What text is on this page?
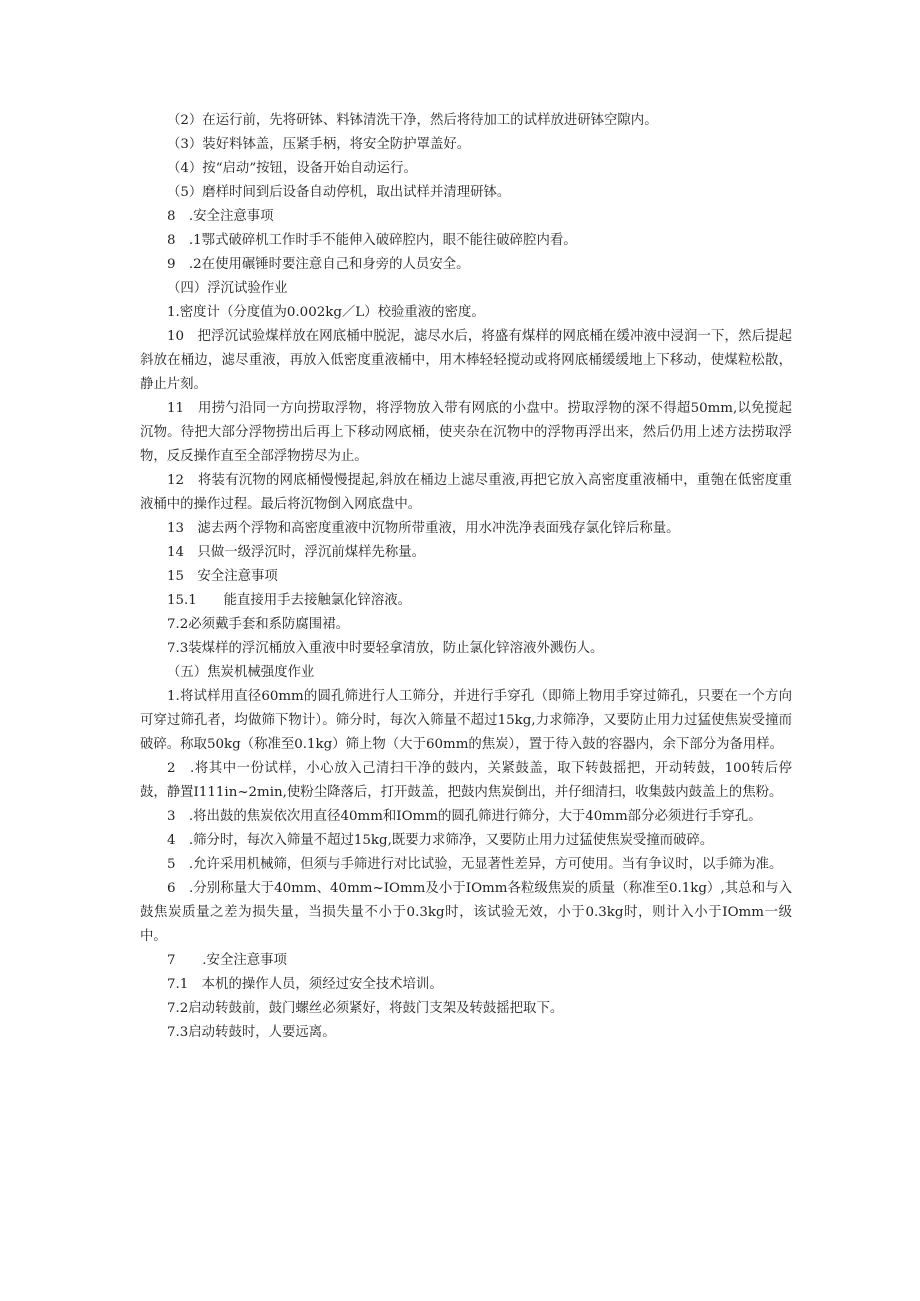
（2）在运行前，先将研钵、料钵清洗干净，然后将待加工的试样放进研钵空隙内。

（3）装好料钵盖，压紧手柄，将安全防护罩盖好。

（4）按“启动”按钮，设备开始自动运行。

（5）磨样时间到后设备自动停机，取出试样并清理研钵。

8　.安全注意事项

8　.1鄂式破碎机工作时手不能伸入破碎腔内，眼不能往破碎腔内看。

9　.2在使用碾锤时要注意自己和身旁的人员安全。

（四）浮沉试验作业

1.密度计（分度值为0.002kg／L）校验重液的密度。

10　把浮沉试验煤样放在网底桶中脱泥，滤尽水后，将盛有煤样的网底桶在缓冲液中浸润一下，然后提起斜放在桶边，滤尽重液，再放入低密度重液桶中，用木棒轻轻搅动或将网底桶缓缓地上下移动，使煤粒松散，静止片刻。

11　用捞勺沿同一方向捞取浮物，将浮物放入带有网底的小盘中。捞取浮物的深不得超50mm,以免搅起沉物。待把大部分浮物捞出后再上下移动网底桶，使夹杂在沉物中的浮物再浮出来，然后仍用上述方法捞取浮物，反反操作直至全部浮物捞尽为止。

12　将装有沉物的网底桶慢慢提起,斜放在桶边上滤尽重液,再把它放入高密度重液桶中，重匏在低密度重液桶中的操作过程。最后将沉物倒入网底盘中。

13　滤去两个浮物和高密度重液中沉物所带重液，用水冲洗净表面残存氯化锌后称量。

14　只做一级浮沉时，浮沉前煤样先称量。

15　安全注意事项

15.1　　能直接用手去接触氯化锌溶液。

7.2必须戴手套和系防腐围裙。

7.3装煤样的浮沉桶放入重液中时要轻拿清放，防止氯化锌溶液外溅伤人。

（五）焦炭机械强度作业

1.将试样用直径60mm的圆孔筛进行人工筛分，并进行手穿孔（即筛上物用手穿过筛孔，只要在一个方向可穿过筛孔者，均做筛下物计）。筛分时，每次入筛量不超过15kg,力求筛净，又要防止用力过猛使焦炭受撞而破碎。称取50kg（称准至0.1kg）筛上物（大于60mm的焦炭），置于待入鼓的容器内，余下部分为备用样。

2　.将其中一份试样，小心放入己清扫干净的鼓内，关紧鼓盖，取下转鼓摇把，开动转鼓，100转后停鼓，静置I111in~2min,使粉尘降落后，打开鼓盖，把鼓内焦炭倒出，并仔细清扫，收集鼓内鼓盖上的焦粉。

3　.将出鼓的焦炭依次用直径40mm和IOmm的圆孔筛进行筛分，大于40mm部分必须进行手穿孔。

4　.筛分时，每次入筛量不超过15kg,既要力求筛净，又要防止用力过猛使焦炭受撞而破碎。

5　.允许采用机械筛，但须与手筛进行对比试验，无显著性差异，方可使用。当有争议时，以手筛为准。

6　.分别称量大于40mm、40mm~IOmm及小于IOmm各粒级焦炭的质量（称准至0.1kg）,其总和与入鼓焦炭质量之差为损失量，当损失量不小于0.3kg时，该试验无效，小于0.3kg时，则计入小于IOmm一级中。

7　　.安全注意事项

7.1　本机的操作人员，须经过安全技术培训。

7.2启动转鼓前，鼓门螺丝必须紧好，将鼓门支架及转鼓摇把取下。

7.3启动转鼓时，人要远离。
